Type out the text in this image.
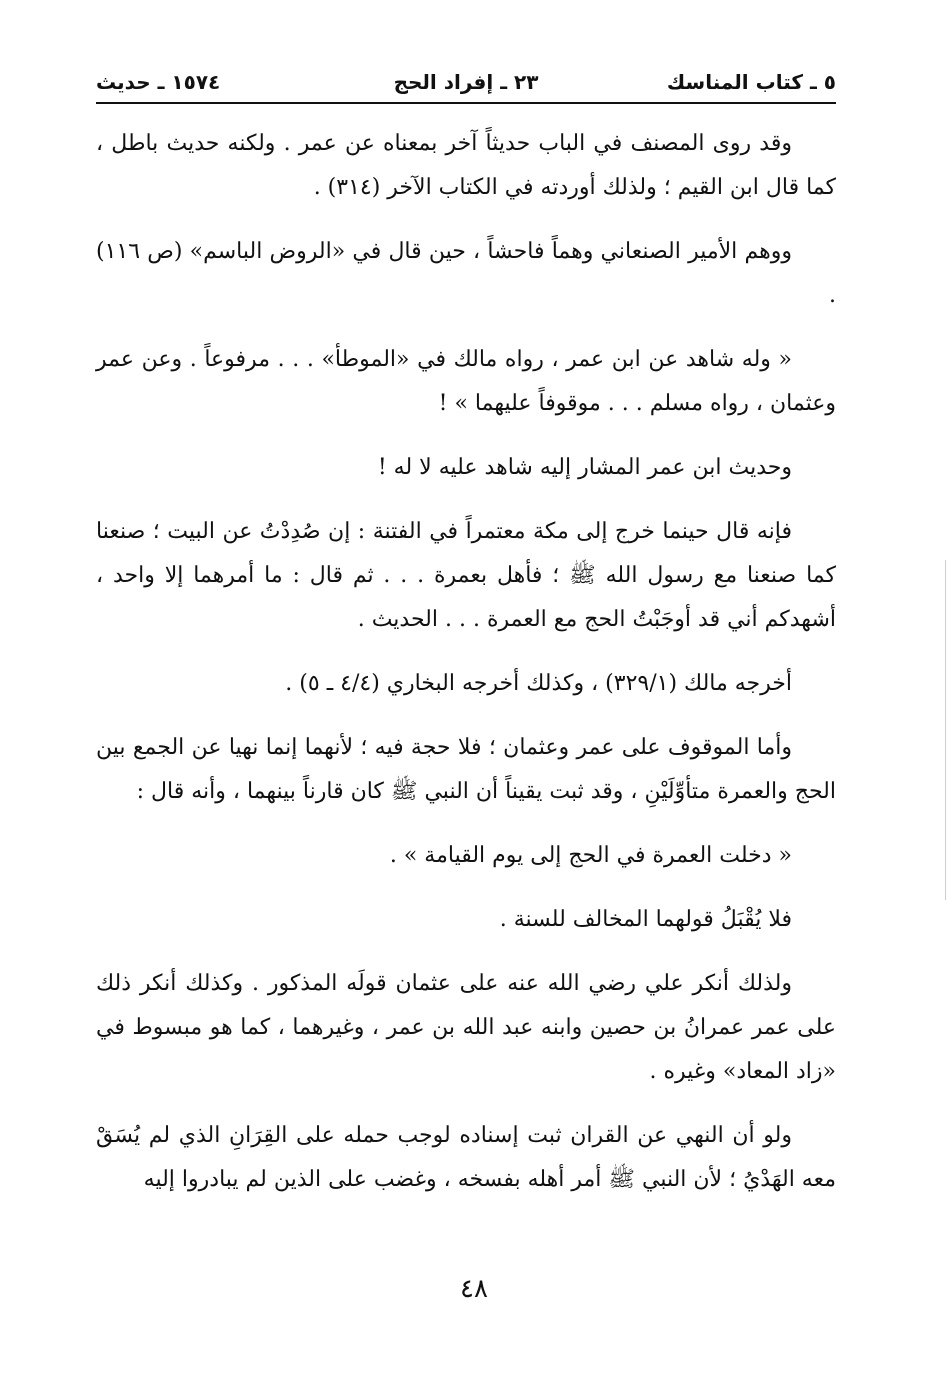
٥ ـ كتاب المناسك
٢٣ ـ إفراد الحج
١٥٧٤ ـ حديث

وقد روى المصنف في الباب حديثاً آخر بمعناه عن عمر . ولكنه حديث باطل ، كما قال ابن القيم ؛ ولذلك أوردته في الكتاب الآخر (٣١٤) .

ووهم الأمير الصنعاني وهماً فاحشاً ، حين قال في «الروض الباسم» (ص ١١٦) .

« وله شاهد عن ابن عمر ، رواه مالك في «الموطأ» . . . مرفوعاً . وعن عمر وعثمان ، رواه مسلم . . . موقوفاً عليهما » !

وحديث ابن عمر المشار إليه شاهد عليه لا له !

فإنه قال حينما خرج إلى مكة معتمراً في الفتنة : إن صُدِدْتُ عن البيت ؛ صنعنا كما صنعنا مع رسول الله ﷺ ؛ فأهل بعمرة . . . ثم قال : ما أمرهما إلا واحد ، أشهدكم أني قد أوجَبْتُ الحج مع العمرة . . . الحديث .

أخرجه مالك (٣٢٩/١) ، وكذلك أخرجه البخاري (٤/٤ ـ ٥) .

وأما الموقوف على عمر وعثمان ؛ فلا حجة فيه ؛ لأنهما إنما نهيا عن الجمع بين الحج والعمرة متأوِّلَيْنِ ، وقد ثبت يقيناً أن النبي ﷺ كان قارناً بينهما ، وأنه قال :

« دخلت العمرة في الحج إلى يوم القيامة » .

فلا يُقْبَلُ قولهما المخالف للسنة .

ولذلك أنكر علي رضي الله عنه على عثمان قولَه المذكور . وكذلك أنكر ذلك على عمر عمرانُ بن حصين وابنه عبد الله بن عمر ، وغيرهما ، كما هو مبسوط في «زاد المعاد» وغيره .

ولو أن النهي عن القران ثبت إسناده لوجب حمله على القِرَانِ الذي لم يُسَقْ معه الهَدْيُ ؛ لأن النبي ﷺ أمر أهله بفسخه ، وغضب على الذين لم يبادروا إليه

٤٨
